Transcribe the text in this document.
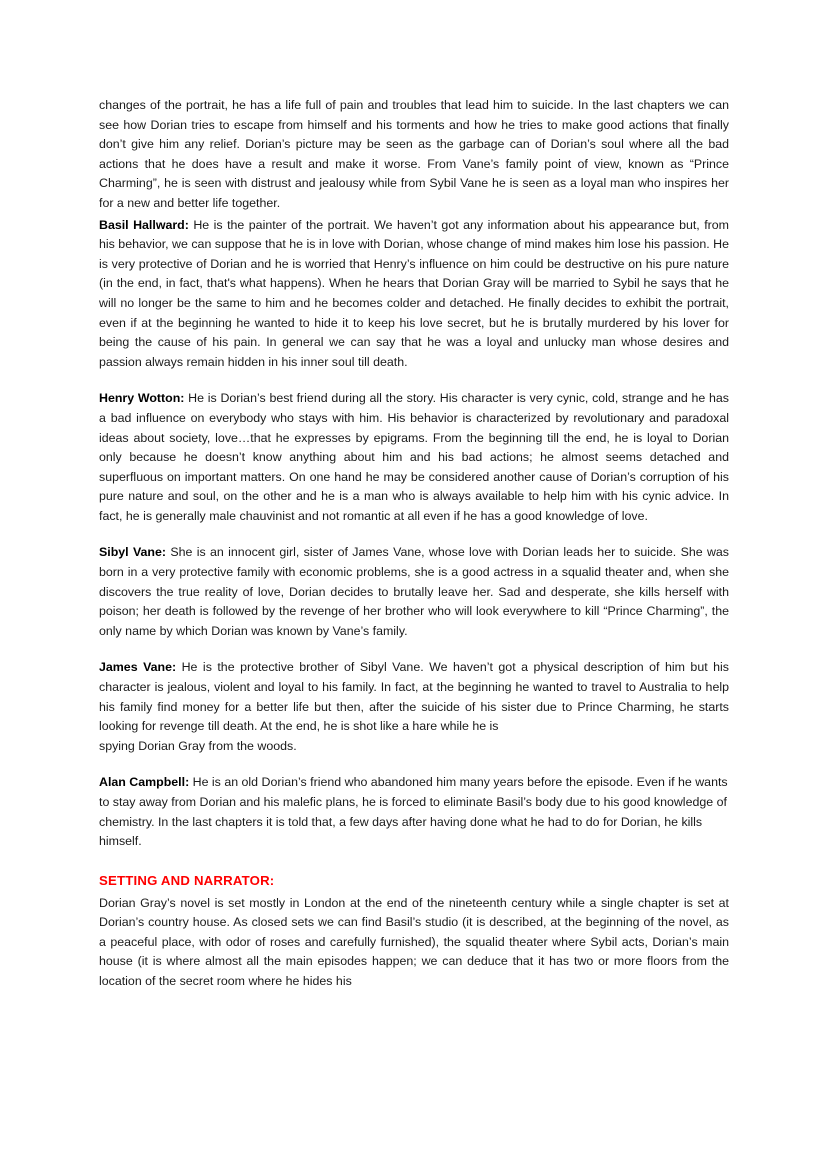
changes of the portrait, he has a life full of pain and troubles that lead him to suicide. In the last chapters we can see how Dorian tries to escape from himself and his torments and how he tries to make good actions that finally don’t give him any relief. Dorian’s picture may be seen as the garbage can of Dorian’s soul where all the bad actions that he does have a result and make it worse. From Vane’s family point of view, known as “Prince Charming”, he is seen with distrust and jealousy while from Sybil Vane he is seen as a loyal man who inspires her for a new and better life together.

Basil Hallward: He is the painter of the portrait. We haven’t got any information about his appearance but, from his behavior, we can suppose that he is in love with Dorian, whose change of mind makes him lose his passion. He is very protective of Dorian and he is worried that Henry’s influence on him could be destructive on his pure nature (in the end, in fact, that's what happens). When he hears that Dorian Gray will be married to Sybil he says that he will no longer be the same to him and he becomes colder and detached. He finally decides to exhibit the portrait, even if at the beginning he wanted to hide it to keep his love secret, but he is brutally murdered by his lover for being the cause of his pain. In general we can say that he was a loyal and unlucky man whose desires and passion always remain hidden in his inner soul till death.

Henry Wotton: He is Dorian’s best friend during all the story. His character is very cynic, cold, strange and he has a bad influence on everybody who stays with him. His behavior is characterized by revolutionary and paradoxal ideas about society, love…that he expresses by epigrams. From the beginning till the end, he is loyal to Dorian only because he doesn’t know anything about him and his bad actions; he almost seems detached and superfluous on important matters. On one hand he may be considered another cause of Dorian’s corruption of his pure nature and soul, on the other and he is a man who is always available to help him with his cynic advice. In fact, he is generally male chauvinist and not romantic at all even if he has a good knowledge of love.

Sibyl Vane: She is an innocent girl, sister of James Vane, whose love with Dorian leads her to suicide. She was born in a very protective family with economic problems, she is a good actress in a squalid theater and, when she discovers the true reality of love, Dorian decides to brutally leave her. Sad and desperate, she kills herself with poison; her death is followed by the revenge of her brother who will look everywhere to kill “Prince Charming”, the only name by which Dorian was known by Vane’s family.

James Vane: He is the protective brother of Sibyl Vane. We haven’t got a physical description of him but his character is jealous, violent and loyal to his family. In fact, at the beginning he wanted to travel to Australia to help his family find money for a better life but then, after the suicide of his sister due to Prince Charming, he starts looking for revenge till death. At the end, he is shot like a hare while he is

spying Dorian Gray from the woods.

Alan Campbell: He is an old Dorian’s friend who abandoned him many years before the episode. Even if he wants to stay away from Dorian and his malefic plans, he is forced to eliminate Basil’s body due to his good knowledge of chemistry. In the last chapters it is told that, a few days after having done what he had to do for Dorian, he kills himself.

SETTING AND NARRATOR:

Dorian Gray’s novel is set mostly in London at the end of the nineteenth century while a single chapter is set at Dorian’s country house. As closed sets we can find Basil’s studio (it is described, at the beginning of the novel, as a peaceful place, with odor of roses and carefully furnished), the squalid theater where Sybil acts, Dorian’s main house (it is where almost all the main episodes happen; we can deduce that it has two or more floors from the location of the secret room where he hides his
